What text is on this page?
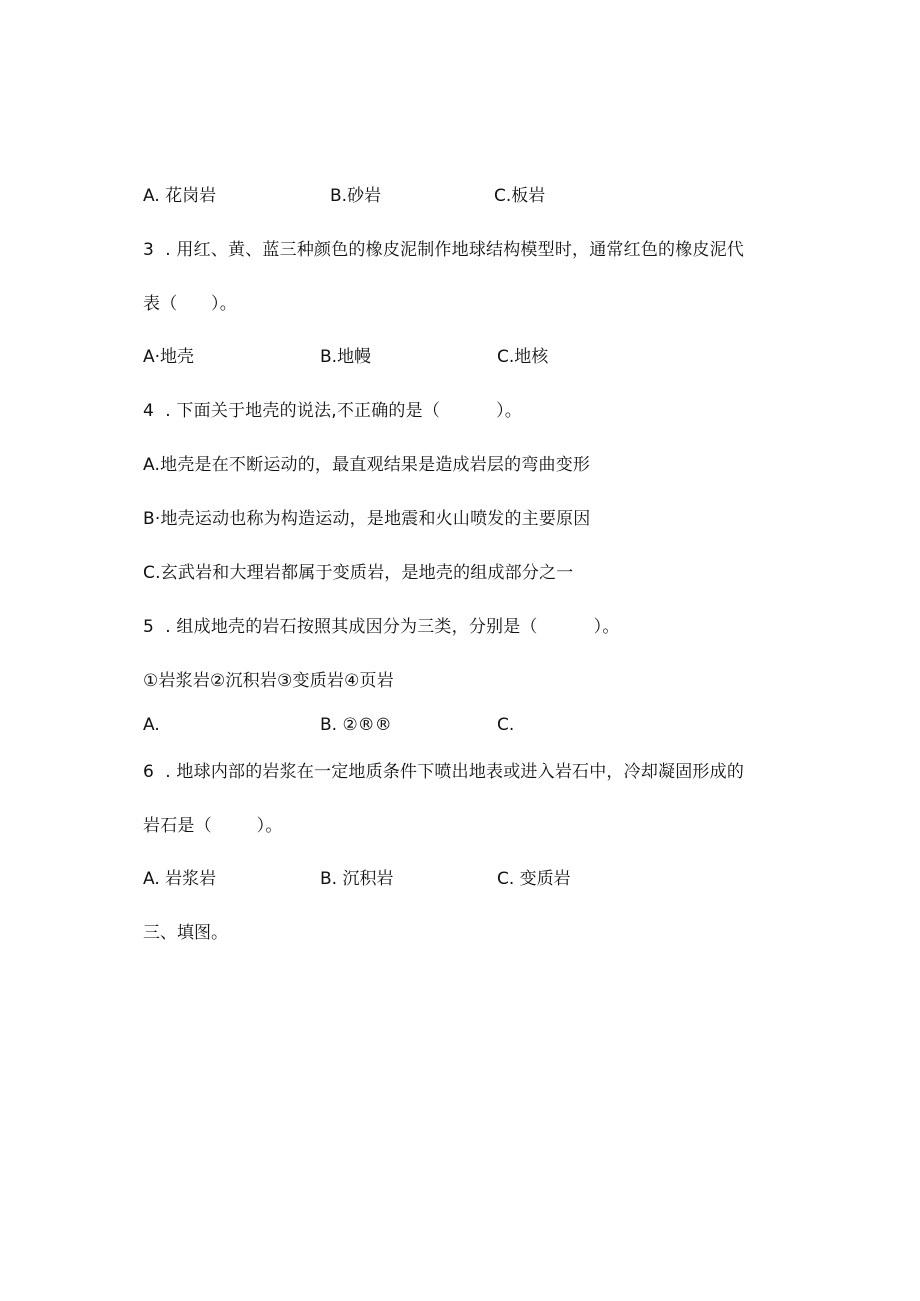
A. 花岗岩	B.砂岩	C.板岩
3  . 用红、黄、蓝三种颜色的橡皮泥制作地球结构模型时，通常红色的橡皮泥代
表（      ）。
A·地壳	B.地幔	C.地核
4  . 下面关于地壳的说法,不正确的是（          ）。
A.地壳是在不断运动的，最直观结果是造成岩层的弯曲变形
B·地壳运动也称为构造运动，是地震和火山喷发的主要原因
C.玄武岩和大理岩都属于变质岩，是地壳的组成部分之一
5  . 组成地壳的岩石按照其成因分为三类，分别是（          ）。
①岩浆岩②沉积岩③变质岩④页岩
A.	B. ②®®	C.
6  . 地球内部的岩浆在一定地质条件下喷出地表或进入岩石中，冷却凝固形成的
岩石是（        ）。
A. 岩浆岩	B. 沉积岩	C. 变质岩
三、填图。
